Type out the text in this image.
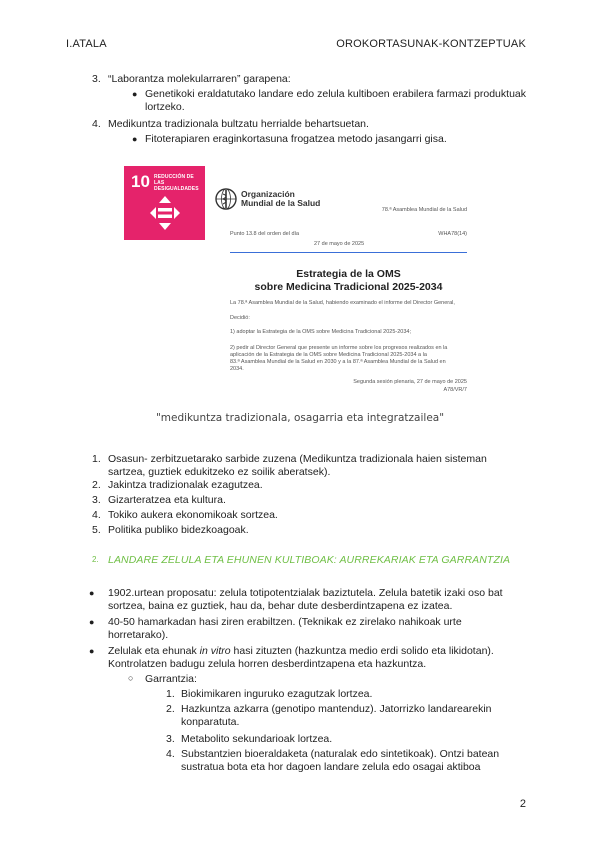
I.ATALA	OROKORTASUNAK-KONTZEPTUAK
3. “Laborantza molekularraren” garapena:
● Genetikoki eraldatutako landare edo zelula kultiboen erabilera farmazi produktuak lortzeko.
4. Medikuntza tradizionala bultzatu herrialde behartsuetan.
● Fitoterapiaren eraginkortasuna frogatzea metodo jasangarri gisa.
10 REDUCCIÓN DE LAS DESIGUALDADES	Organización
Mundial de la Salud
78.ª Asamblea Mundial de la Salud
Punto 13.8 del orden del día	WHA78(14)
27 de mayo de 2025
Estrategia de la OMS
sobre Medicina Tradicional 2025-2034
La 78.ª Asamblea Mundial de la Salud, habiendo examinado el informe del Director General,
Decidió:
1) adoptar la Estrategia de la OMS sobre Medicina Tradicional 2025-2034;
2) pedir al Director General que presente un informe sobre los progresos realizados en la
aplicación de la Estrategia de la OMS sobre Medicina Tradicional 2025-2034 a la
83.ª Asamblea Mundial de la Salud en 2030 y a la 87.ª Asamblea Mundial de la Salud en
2034.
Segunda sesión plenaria, 27 de mayo de 2025
A78/VR/7
"medikuntza tradizionala, osagarria eta integratzailea"
1. Osasun- zerbitzuetarako sarbide zuzena (Medikuntza tradizionala haien sisteman
sartzea, guztiek edukitzeko ez soilik aberatsek).
2. Jakintza tradizionalak ezagutzea.
3. Gizarteratzea eta kultura.
4. Tokiko aukera ekonomikoak sortzea.
5. Politika publiko bidezkoagoak.
2. LANDARE ZELULA ETA EHUNEN KULTIBOAK: AURREKARIAK ETA GARRANTZIA
● 1902.urtean proposatu: zelula totipotentzialak baziztutela. Zelula batetik izaki oso bat
sortzea, baina ez guztiek, hau da, behar dute desberdintzapena ez izatea.
● 40-50 hamarkadan hasi ziren erabiltzen. (Teknikak ez zirelako nahikoak urte
horretarako).
● Zelulak eta ehunak in vitro hasi zituzten (hazkuntza medio erdi solido eta likidotan).
Kontrolatzen badugu zelula horren desberdintzapena eta hazkuntza.
○ Garrantzia:
1. Biokimikaren inguruko ezagutzak lortzea.
2. Hazkuntza azkarra (genotipo mantenduz). Jatorrizko landarearekin
konparatuta.
3. Metabolito sekundarioak lortzea.
4. Substantzien bioeraldaketa (naturalak edo sintetikoak). Ontzi batean
sustratua bota eta hor dagoen landare zelula edo osagai aktiboa
2
